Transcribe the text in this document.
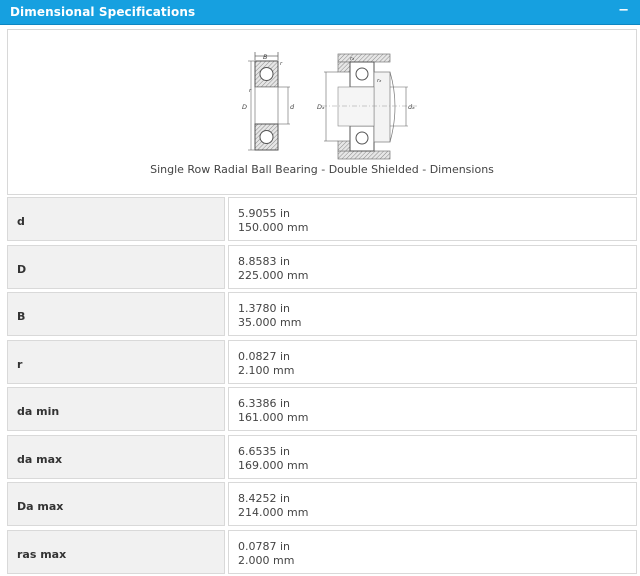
Dimensional Specifications	−
B
r
r
D	d
rₐ
rₐ
Dₐ	dₐ
Single Row Radial Ball Bearing - Double Shielded - Dimensions
d
5.9055 in
150.000 mm
D
8.8583 in
225.000 mm
B
1.3780 in
35.000 mm
r
0.0827 in
2.100 mm
da min
6.3386 in
161.000 mm
da max
6.6535 in
169.000 mm
Da max
8.4252 in
214.000 mm
ras max
0.0787 in
2.000 mm
